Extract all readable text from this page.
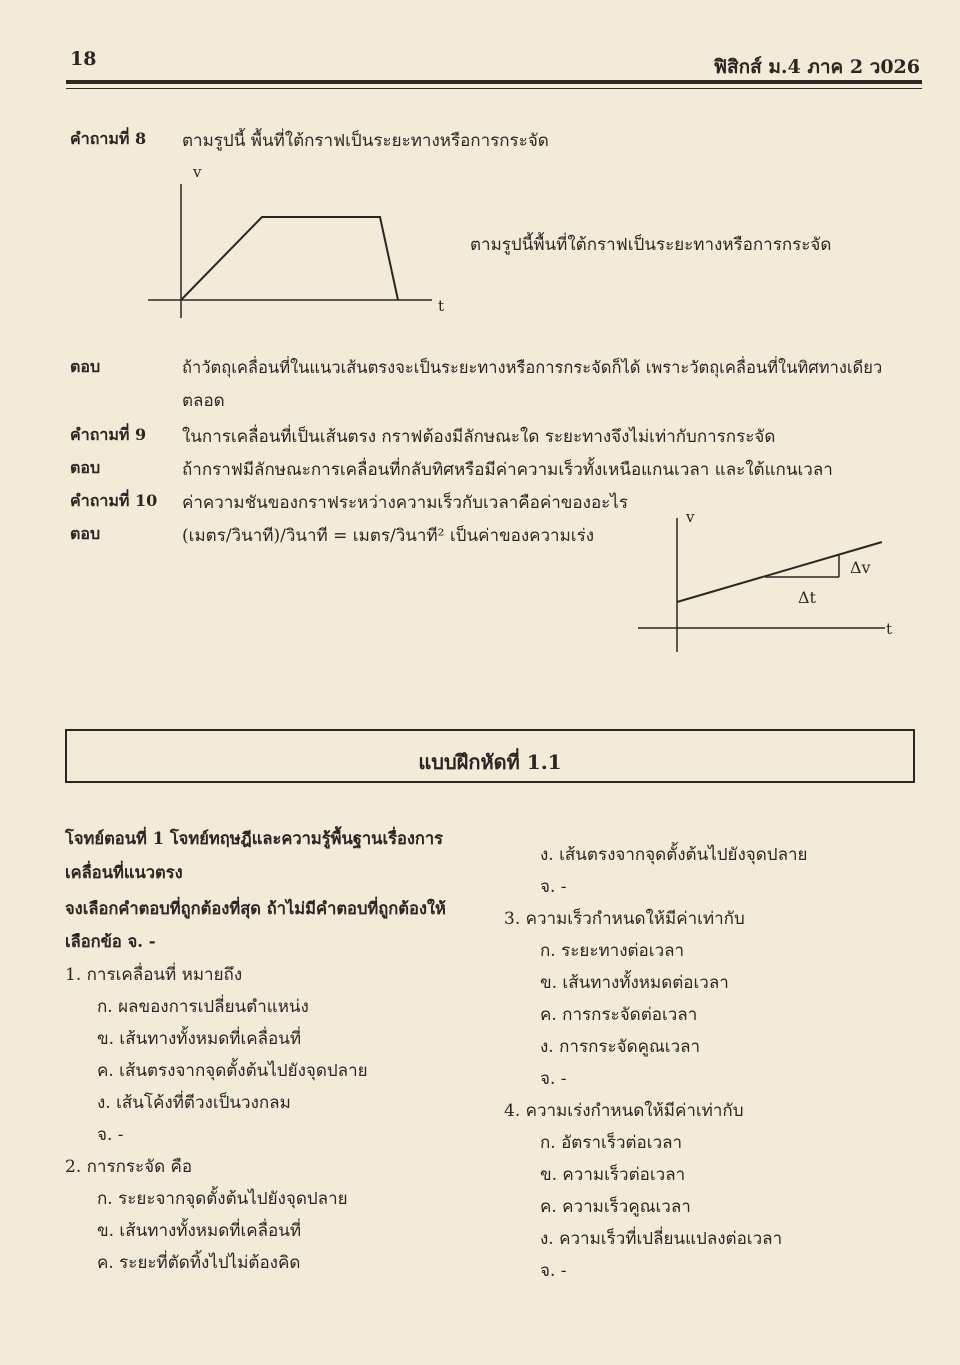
18	ฟิสิกส์ ม.4 ภาค 2 ว026
คำถามที่ 8 ตามรูปนี้ พื้นที่ใต้กราฟเป็นระยะทางหรือการกระจัด
v
t
ตามรูปนี้พื้นที่ใต้กราฟเป็นระยะทางหรือการกระจัด
ตอบ	ถ้าวัตถุเคลื่อนที่ในแนวเส้นตรงจะเป็นระยะทางหรือการกระจัดก็ได้ เพราะวัตถุเคลื่อนที่ในทิศทางเดียว
ตลอด
คำถามที่ 9 ในการเคลื่อนที่เป็นเส้นตรง กราฟต้องมีลักษณะใด ระยะทางจึงไม่เท่ากับการกระจัด
ตอบ	ถ้ากราฟมีลักษณะการเคลื่อนที่กลับทิศหรือมีค่าความเร็วทั้งเหนือแกนเวลา และใต้แกนเวลา
คำถามที่ 10 ค่าความชันของกราฟระหว่างความเร็วกับเวลาคือค่าของอะไร
ตอบ	(เมตร/วินาที)/วินาที = เมตร/วินาที² เป็นค่าของความเร่ง
v
t
Δv
Δt
แบบฝึกหัดที่ 1.1
โจทย์ตอนที่ 1 โจทย์ทฤษฎีและความรู้พื้นฐานเรื่องการ
เคลื่อนที่แนวตรง
จงเลือกคำตอบที่ถูกต้องที่สุด ถ้าไม่มีคำตอบที่ถูกต้องให้
เลือกข้อ จ. -
1. การเคลื่อนที่ หมายถึง
ก. ผลของการเปลี่ยนตำแหน่ง
ข. เส้นทางทั้งหมดที่เคลื่อนที่
ค. เส้นตรงจากจุดตั้งต้นไปยังจุดปลาย
ง. เส้นโค้งที่ตีวงเป็นวงกลม
จ. -
2. การกระจัด คือ
ก. ระยะจากจุดตั้งต้นไปยังจุดปลาย
ข. เส้นทางทั้งหมดที่เคลื่อนที่
ค. ระยะที่ตัดทิ้งไปไม่ต้องคิด
ง. เส้นตรงจากจุดตั้งต้นไปยังจุดปลาย
จ. -
3. ความเร็วกำหนดให้มีค่าเท่ากับ
ก. ระยะทางต่อเวลา
ข. เส้นทางทั้งหมดต่อเวลา
ค. การกระจัดต่อเวลา
ง. การกระจัดคูณเวลา
จ. -
4. ความเร่งกำหนดให้มีค่าเท่ากับ
ก. อัตราเร็วต่อเวลา
ข. ความเร็วต่อเวลา
ค. ความเร็วคูณเวลา
ง. ความเร็วที่เปลี่ยนแปลงต่อเวลา
จ. -
